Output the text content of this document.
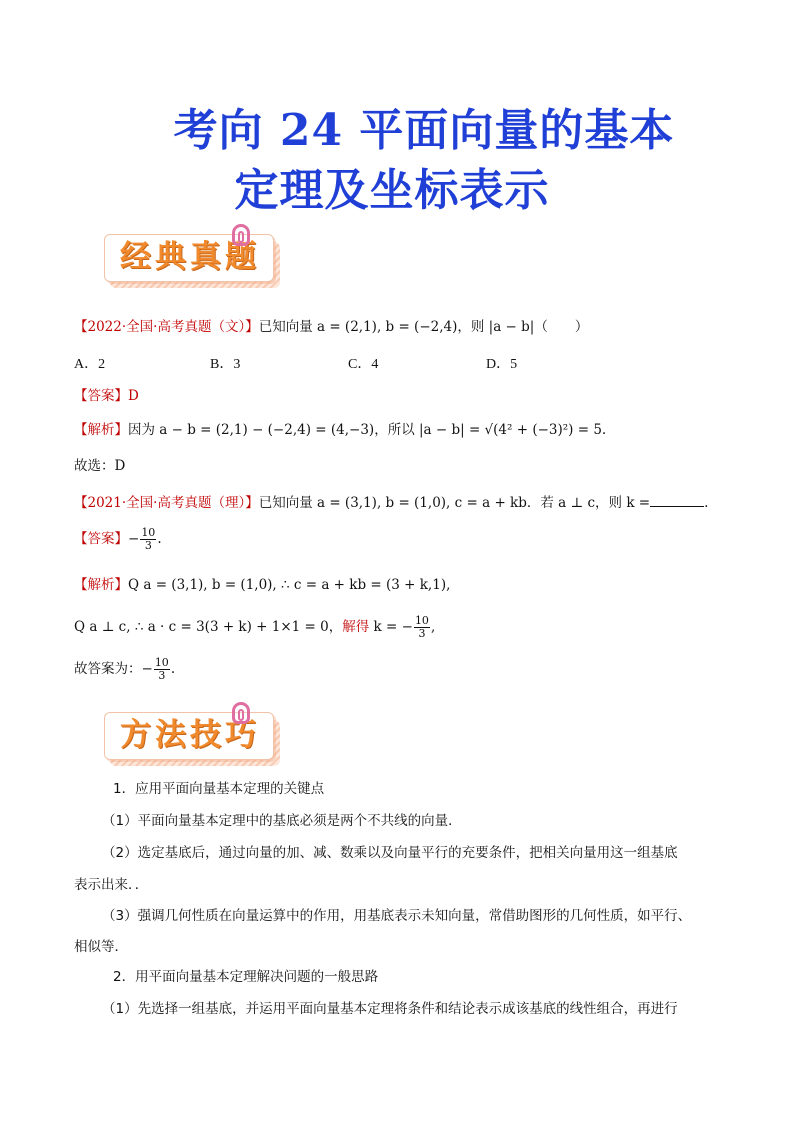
考向 24 平面向量的基本
定理及坐标表示
经典真题
【2022·全国·高考真题（文）】已知向量 a = (2,1), b = (−2,4)，则 |a − b|（　　）
A．2	B．3	C．4	D．5
【答案】D
【解析】因为 a − b = (2,1) − (−2,4) = (4,−3)，所以 |a − b| = √(4² + (−3)²) = 5.
故选：D
【2021·全国·高考真题（理）】已知向量 a = (3,1), b = (1,0), c = a + kb．若 a ⊥ c，则 k =	.
【答案】− $\frac{10}{3}$ .
【解析】Q a = (3,1), b = (1,0), ∴ c = a + kb = (3 + k,1),
Q a ⊥ c, ∴ a · c = 3(3 + k) + 1×1 = 0，解得 k = − $\frac{10}{3}$ ,
故答案为：− $\frac{10}{3}$ .
方法技巧
1．应用平面向量基本定理的关键点
（1）平面向量基本定理中的基底必须是两个不共线的向量．
（2）选定基底后，通过向量的加、减、数乘以及向量平行的充要条件，把相关向量用这一组基底
表示出来．．
（3）强调几何性质在向量运算中的作用，用基底表示未知向量，常借助图形的几何性质，如平行、
相似等．
2．用平面向量基本定理解决问题的一般思路
（1）先选择一组基底，并运用平面向量基本定理将条件和结论表示成该基底的线性组合，再进行
